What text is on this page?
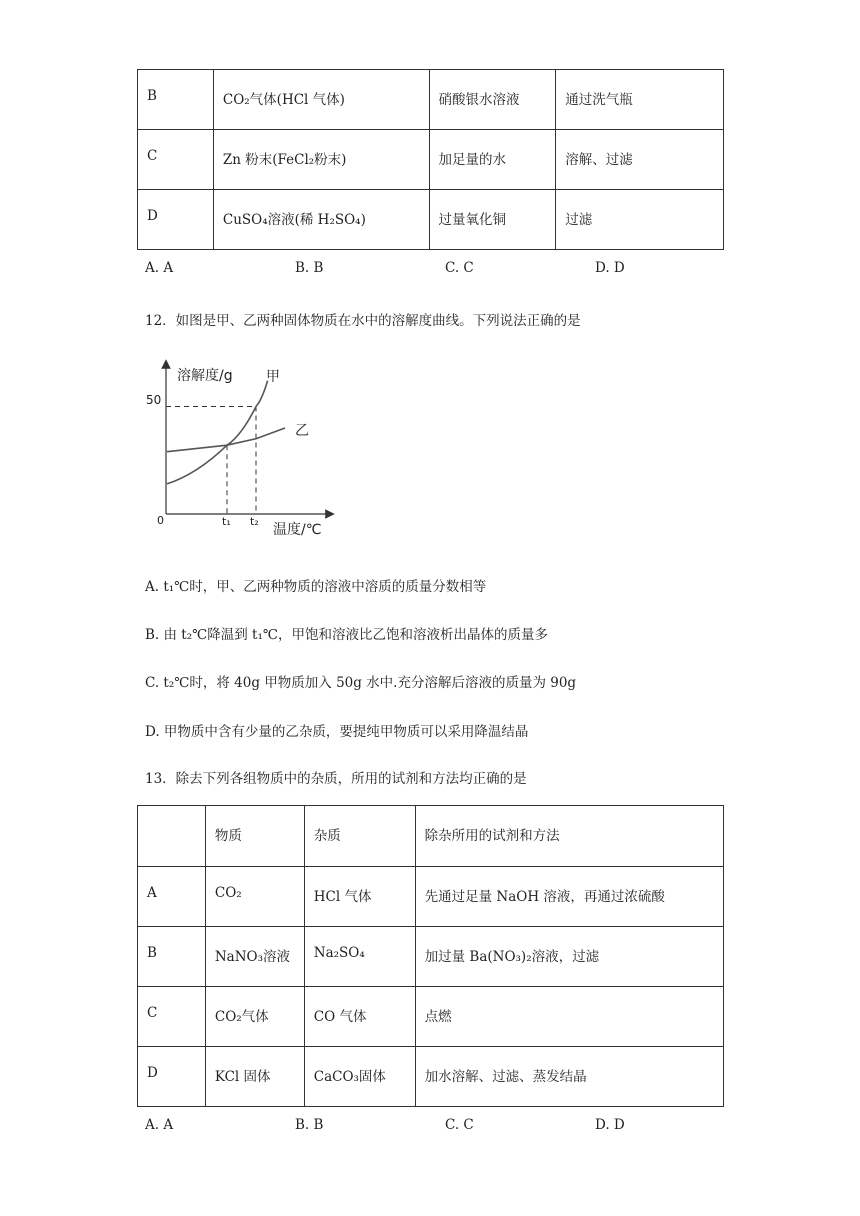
B	CO₂气体(HCl 气体)	硝酸银水溶液	通过洗气瓶
C	Zn 粉末(FeCl₂粉末)	加足量的水	溶解、过滤
D	CuSO₄溶液(稀 H₂SO₄)	过量氧化铜	过滤
A. A	B. B	C. C	D. D
12．如图是甲、乙两种固体物质在水中的溶解度曲线。下列说法正确的是
溶解度/g
温度/℃
0
50
t₁ t₂
甲
乙
A. t₁℃时，甲、乙两种物质的溶液中溶质的质量分数相等
B. 由 t₂℃降温到 t₁℃，甲饱和溶液比乙饱和溶液析出晶体的质量多
C. t₂℃时，将 40g 甲物质加入 50g 水中.充分溶解后溶液的质量为 90g
D. 甲物质中含有少量的乙杂质，要提纯甲物质可以采用降温结晶
13．除去下列各组物质中的杂质，所用的试剂和方法均正确的是
	物质	杂质	除杂所用的试剂和方法
A	CO₂	HCl 气体	先通过足量 NaOH 溶液，再通过浓硫酸
B	NaNO₃溶液	Na₂SO₄	加过量 Ba(NO₃)₂溶液，过滤
C	CO₂气体	CO 气体	点燃
D	KCl 固体	CaCO₃固体	加水溶解、过滤、蒸发结晶
A. A	B. B	C. C	D. D
